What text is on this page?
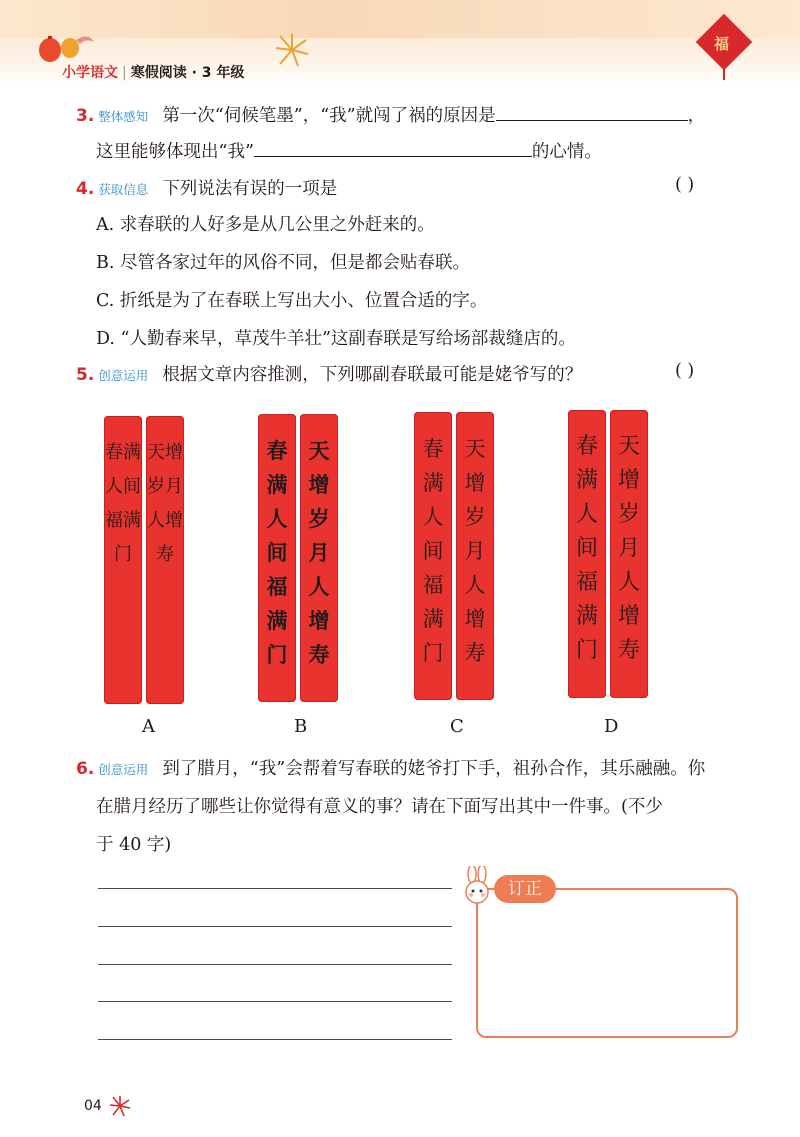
小学语文 | 寒假阅读 · 3 年级
福
3. 整体感知 第一次“伺候笔墨”，“我”就闯了祸的原因是	，
这里能够体现出“我”	的心情。
4. 获取信息 下列说法有误的一项是	( )
A. 求春联的人好多是从几公里之外赶来的。
B. 尽管各家过年的风俗不同，但是都会贴春联。
C. 折纸是为了在春联上写出大小、位置合适的字。
D. “人勤春来早，草茂牛羊壮”这副春联是写给场部裁缝店的。
5. 创意运用 根据文章内容推测，下列哪副春联最可能是姥爷写的？	( )
春满人间福满门
天增岁月人增寿
A
春满人间福满门
天增岁月人增寿
B
春满人间福满门
天增岁月人增寿
C
春满人间福满门
天增岁月人增寿
D
6. 创意运用 到了腊月，“我”会帮着写春联的姥爷打下手，祖孙合作，其乐融融。你
在腊月经历了哪些让你觉得有意义的事？请在下面写出其中一件事。(不少
于 40 字)
订正
04
